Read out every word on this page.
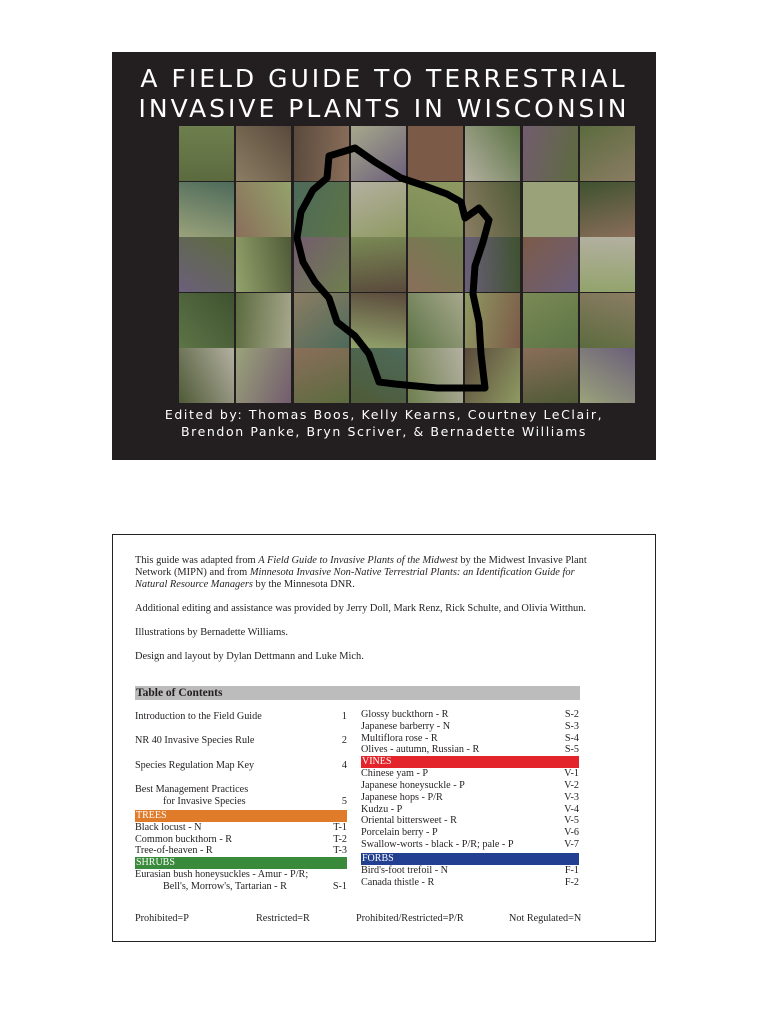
A FIELD GUIDE TO TERRESTRIAL
INVASIVE PLANTS IN WISCONSIN
Edited by: Thomas Boos, Kelly Kearns, Courtney LeClair,
Brendon Panke, Bryn Scriver, & Bernadette Williams

This guide was adapted from A Field Guide to Invasive Plants of the Midwest by the Midwest Invasive Plant Network (MIPN) and from Minnesota Invasive Non-Native Terrestrial Plants: an Identification Guide for Natural Resource Managers by the Minnesota DNR.

Additional editing and assistance was provided by Jerry Doll, Mark Renz, Rick Schulte, and Olivia Witthun.

Illustrations by Bernadette Williams.

Design and layout by Dylan Dettmann and Luke Mich.

Table of Contents
Introduction to the Field Guide	1
NR 40 Invasive Species Rule	2
Species Regulation Map Key	4
Best Management Practices
for Invasive Species	5
TREES
Black locust - N	T-1
Common buckthorn - R	T-2
Tree-of-heaven - R	T-3
SHRUBS
Eurasian bush honeysuckles - Amur - P/R;
Bell's, Morrow's, Tartarian - R	S-1
Glossy buckthorn - R	S-2
Japanese barberry - N	S-3
Multiflora rose - R	S-4
Olives - autumn, Russian - R	S-5
VINES
Chinese yam - P	V-1
Japanese honeysuckle - P	V-2
Japanese hops - P/R	V-3
Kudzu - P	V-4
Oriental bittersweet - R	V-5
Porcelain berry - P	V-6
Swallow-worts - black - P/R; pale - P	V-7
FORBS
Bird's-foot trefoil - N	F-1
Canada thistle - R	F-2
Prohibited=P	Restricted=R	Prohibited/Restricted=P/R	Not Regulated=N
